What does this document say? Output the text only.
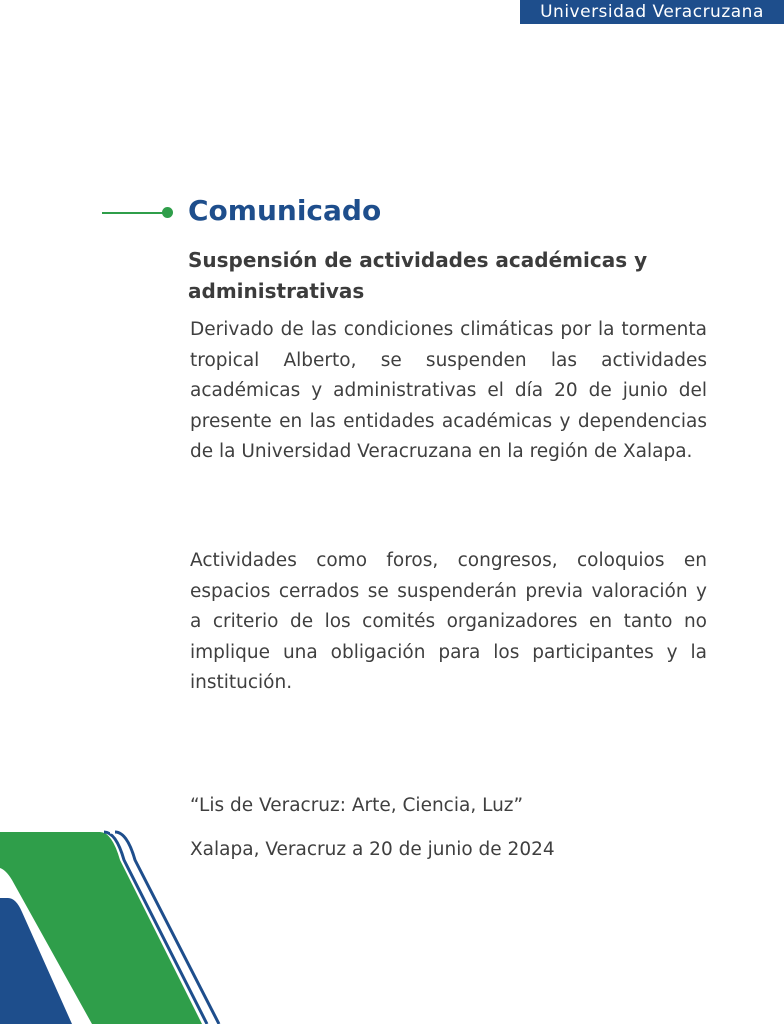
Universidad Veracruzana
Comunicado
Suspensión de actividades académicas y administrativas

Derivado de las condiciones climáticas por la tormenta tropical Alberto, se suspenden las actividades académicas y administrativas el día 20 de junio del presente en las entidades académicas y dependencias de la Universidad Veracruzana en la región de Xalapa.

Actividades como foros, congresos, coloquios en espacios cerrados se suspenderán previa valoración y a criterio de los comités organizadores en tanto no implique una obligación para los participantes y la institución.

“Lis de Veracruz: Arte, Ciencia, Luz”

Xalapa, Veracruz a 20 de junio de 2024
